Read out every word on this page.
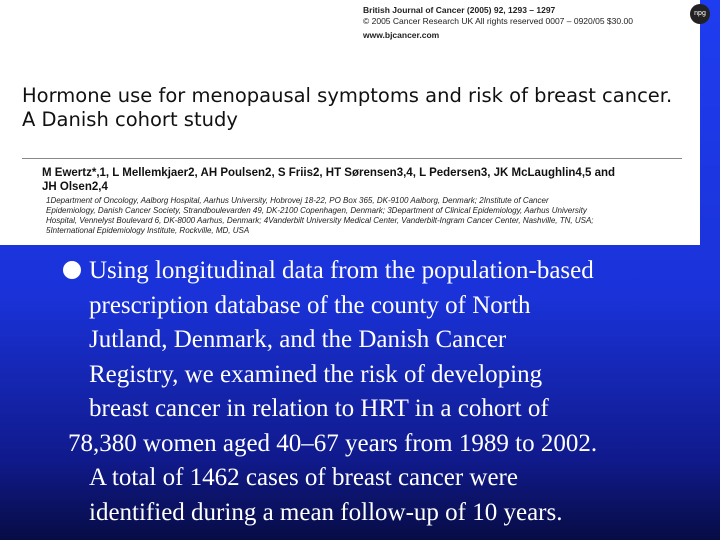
British Journal of Cancer (2005) 92, 1293 – 1297
© 2005 Cancer Research UK All rights reserved 0007 – 0920/05 $30.00
www.bjcancer.com
npg
Hormone use for menopausal symptoms and risk of breast cancer.
A Danish cohort study
M Ewertz*,1, L Mellemkjaer2, AH Poulsen2, S Friis2, HT Sørensen3,4, L Pedersen3, JK McLaughlin4,5 and
JH Olsen2,4
1Department of Oncology, Aalborg Hospital, Aarhus University, Hobrovej 18-22, PO Box 365, DK-9100 Aalborg, Denmark; 2Institute of Cancer
Epidemiology, Danish Cancer Society, Strandboulevarden 49, DK-2100 Copenhagen, Denmark; 3Department of Clinical Epidemiology, Aarhus University
Hospital, Vennelyst Boulevard 6, DK-8000 Aarhus, Denmark; 4Vanderbilt University Medical Center, Vanderbilt-Ingram Cancer Center, Nashville, TN, USA;
5International Epidemiology Institute, Rockville, MD, USA
Using longitudinal data from the population-based
prescription database of the county of North
Jutland, Denmark, and the Danish Cancer
Registry, we examined the risk of developing
breast cancer in relation to HRT in a cohort of
78,380 women aged 40–67 years from 1989 to 2002.
A total of 1462 cases of breast cancer were
identified during a mean follow-up of 10 years.
